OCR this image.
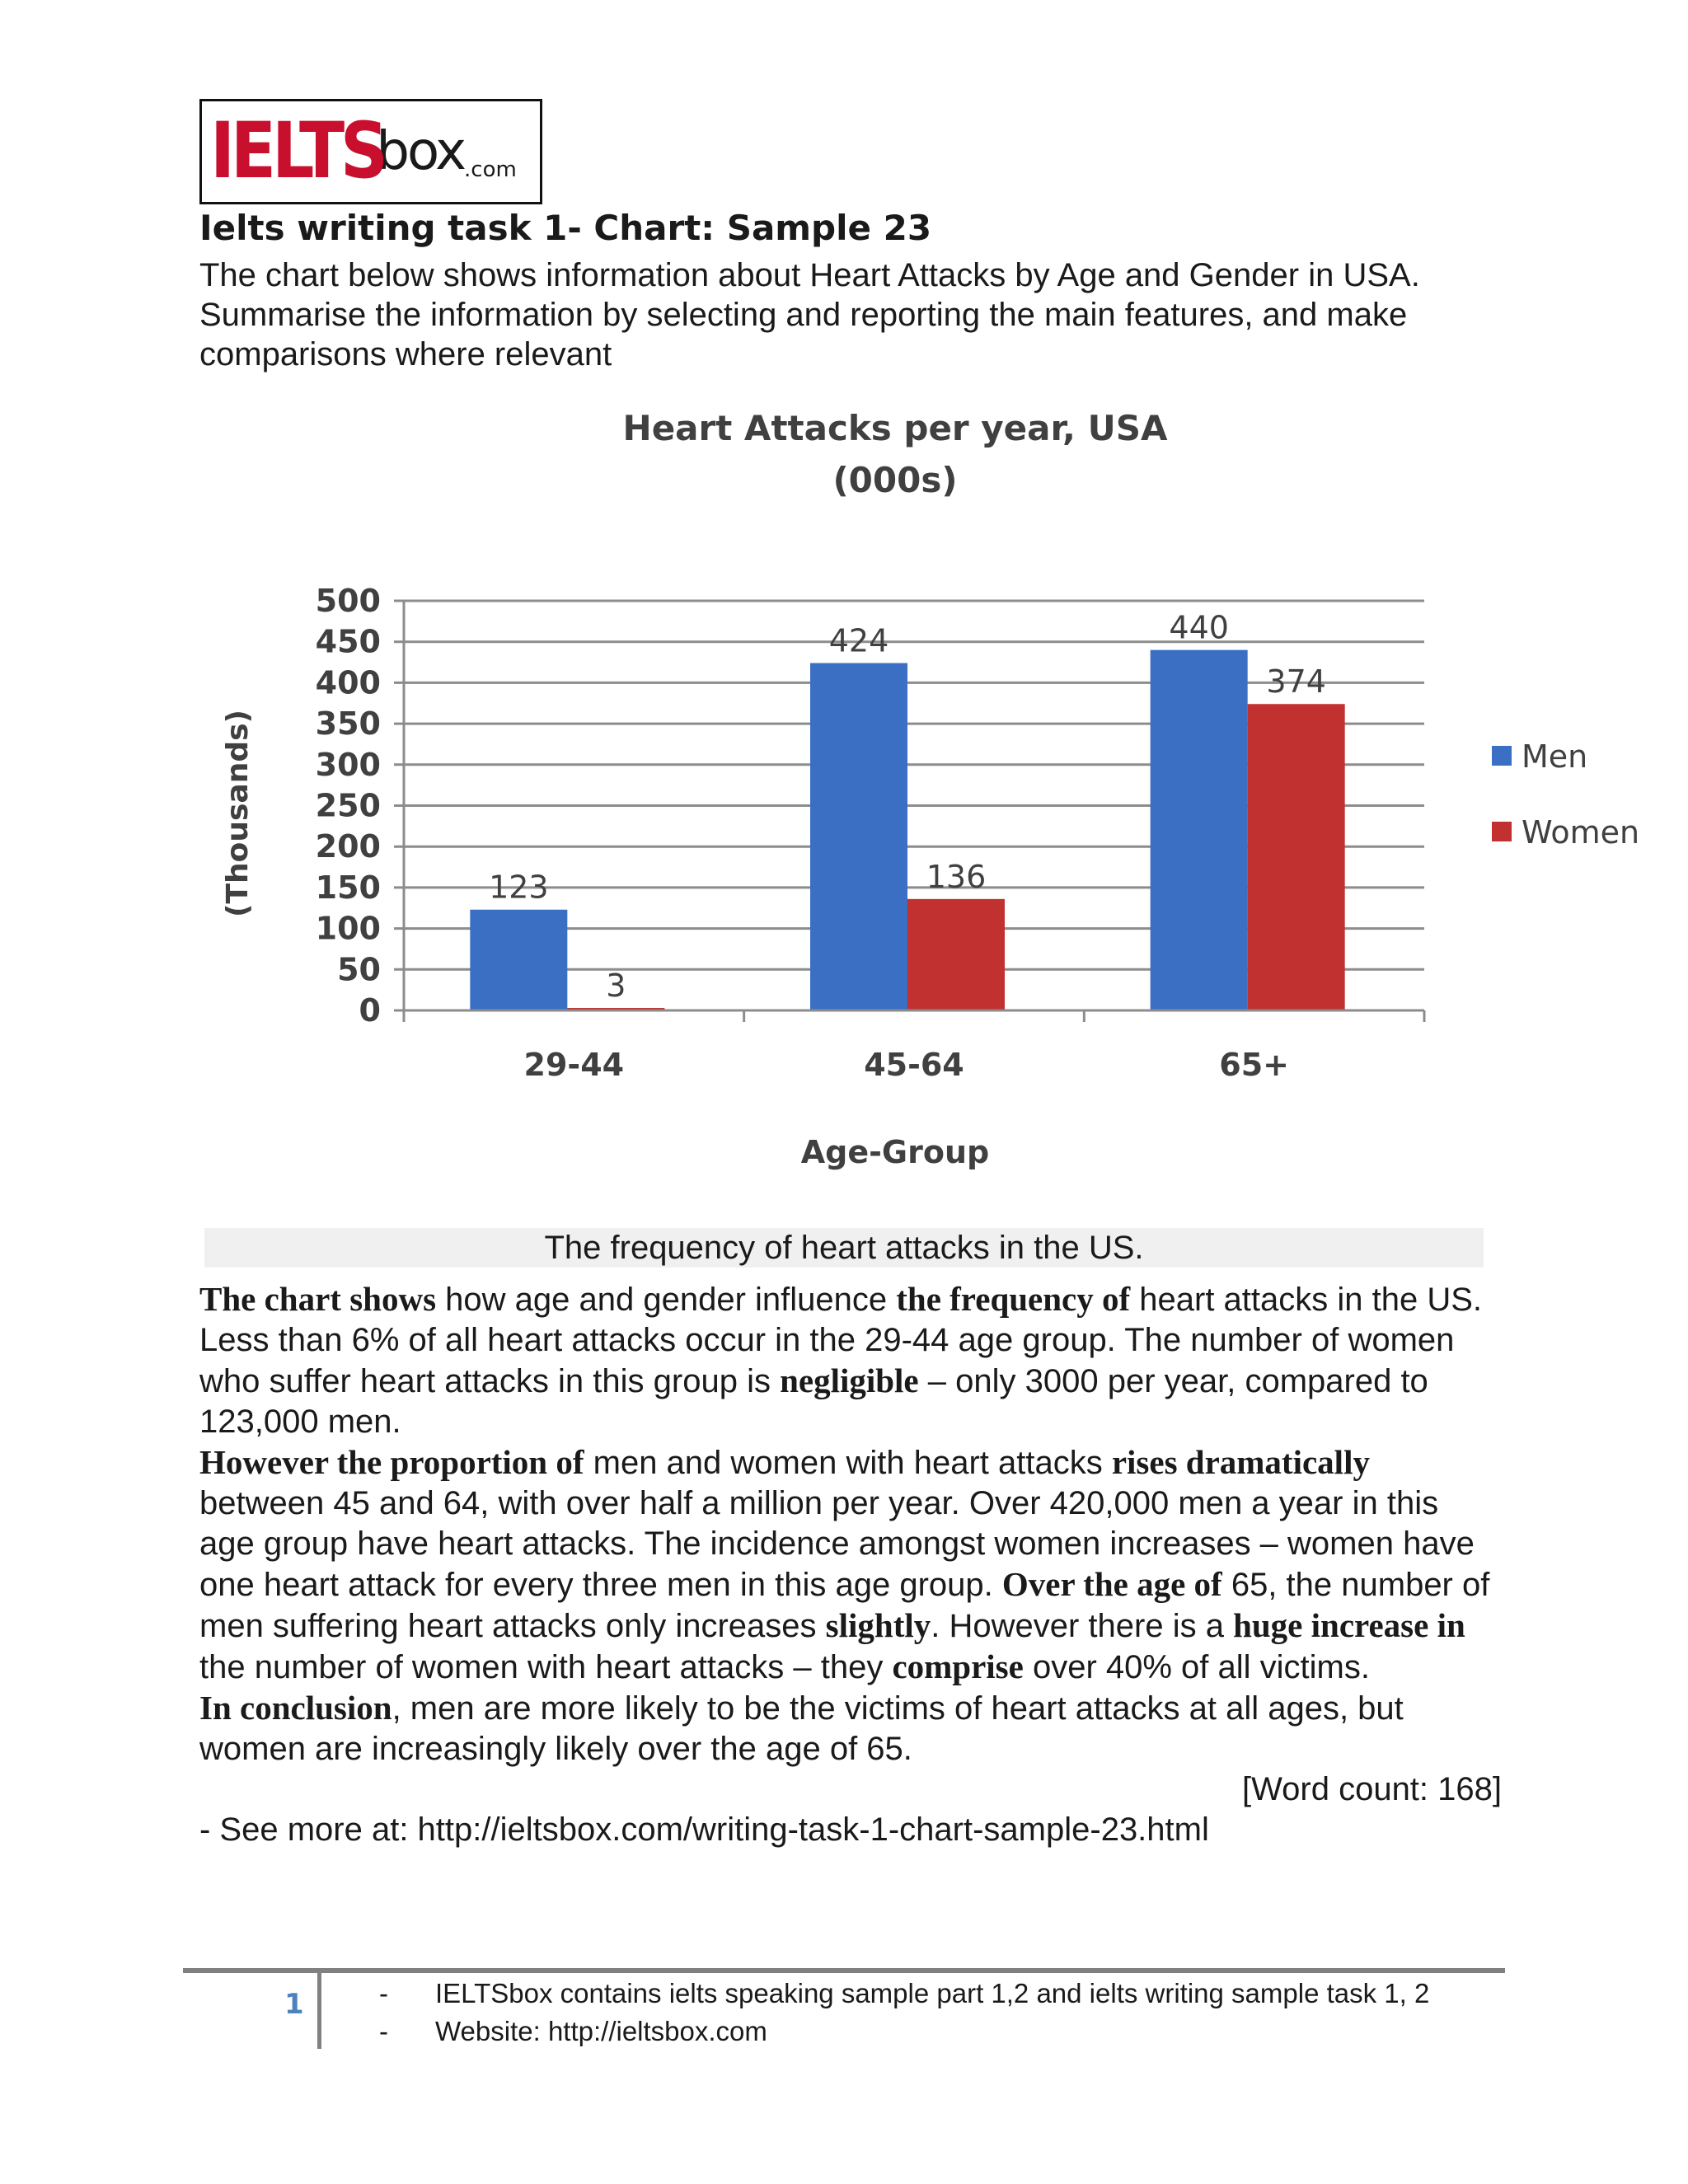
IELTS
box .com
Ielts writing task 1- Chart: Sample 23
The chart below shows information about Heart Attacks by Age and Gender in USA. Summarise the information by selecting and reporting the main features, and make comparisons where relevant
Heart Attacks per year, USA
(000s)
(Thousands)
Age-Group
0
50
100
150
200
250
300
350
400
450
500
29-44
123
3
45-64
424
136
65+
440
374
Men
Women
The frequency of heart attacks in the US.

The chart shows how age and gender influence the frequency of heart attacks in the US. Less than 6% of all heart attacks occur in the 29-44 age group. The number of women who suffer heart attacks in this group is negligible – only 3000 per year, compared to 123,000 men.

However the proportion of men and women with heart attacks rises dramatically between 45 and 64, with over half a million per year. Over 420,000 men a year in this age group have heart attacks. The incidence amongst women increases – women have one heart attack for every three men in this age group. Over the age of 65, the number of men suffering heart attacks only increases slightly. However there is a huge increase in the number of women with heart attacks – they comprise over 40% of all victims.

In conclusion, men are more likely to be the victims of heart attacks at all ages, but women are increasingly likely over the age of 65.

[Word count: 168]

- See more at: http://ieltsbox.com/writing-task-1-chart-sample-23.html

1	-	IELTSbox contains ielts speaking sample part 1,2 and ielts writing sample task 1, 2
-	Website: http://ieltsbox.com
